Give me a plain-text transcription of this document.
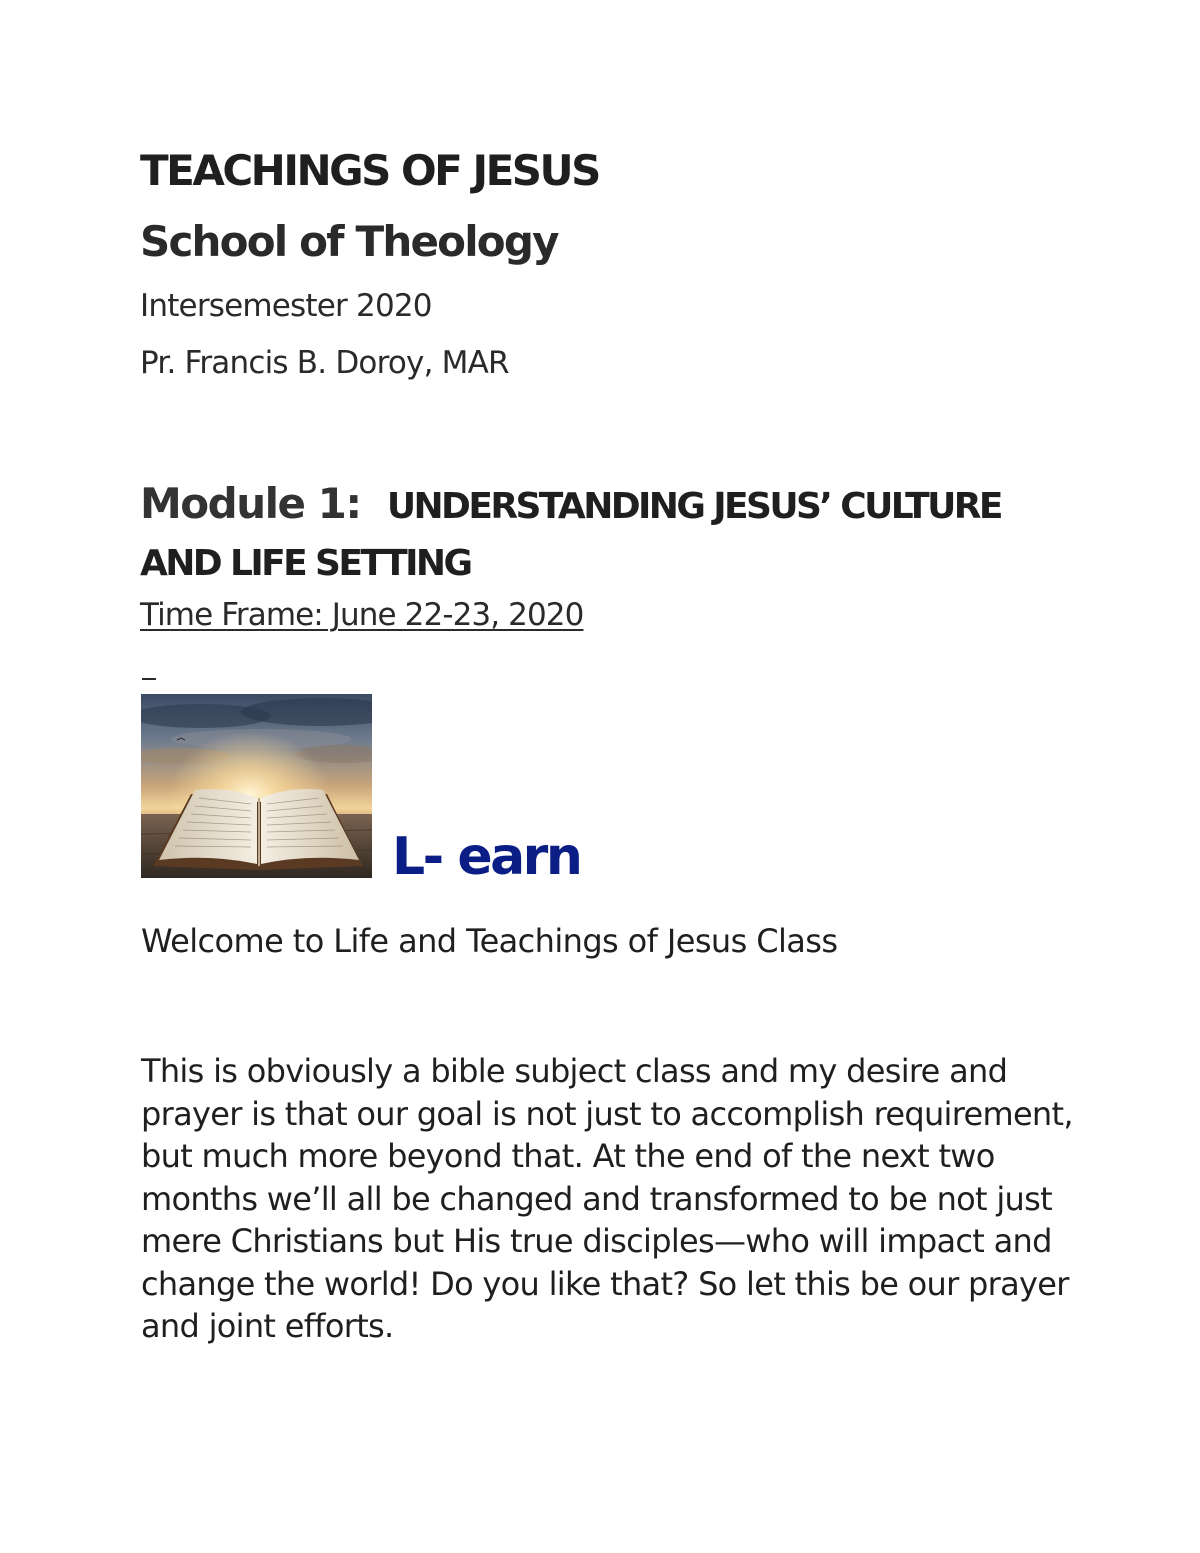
TEACHINGS OF JESUS
School of Theology

Intersemester 2020

Pr. Francis B. Doroy, MAR

Module 1:  UNDERSTANDING JESUS’ CULTURE AND LIFE SETTING

Time Frame: June 22-23, 2020

L- earn

Welcome to Life and Teachings of Jesus Class

This is obviously a bible subject class and my desire and prayer is that our goal is not just to accomplish requirement, but much more beyond that. At the end of the next two months we’ll all be changed and transformed to be not just mere Christians but His true disciples—who will impact and change the world! Do you like that? So let this be our prayer and joint efforts.
